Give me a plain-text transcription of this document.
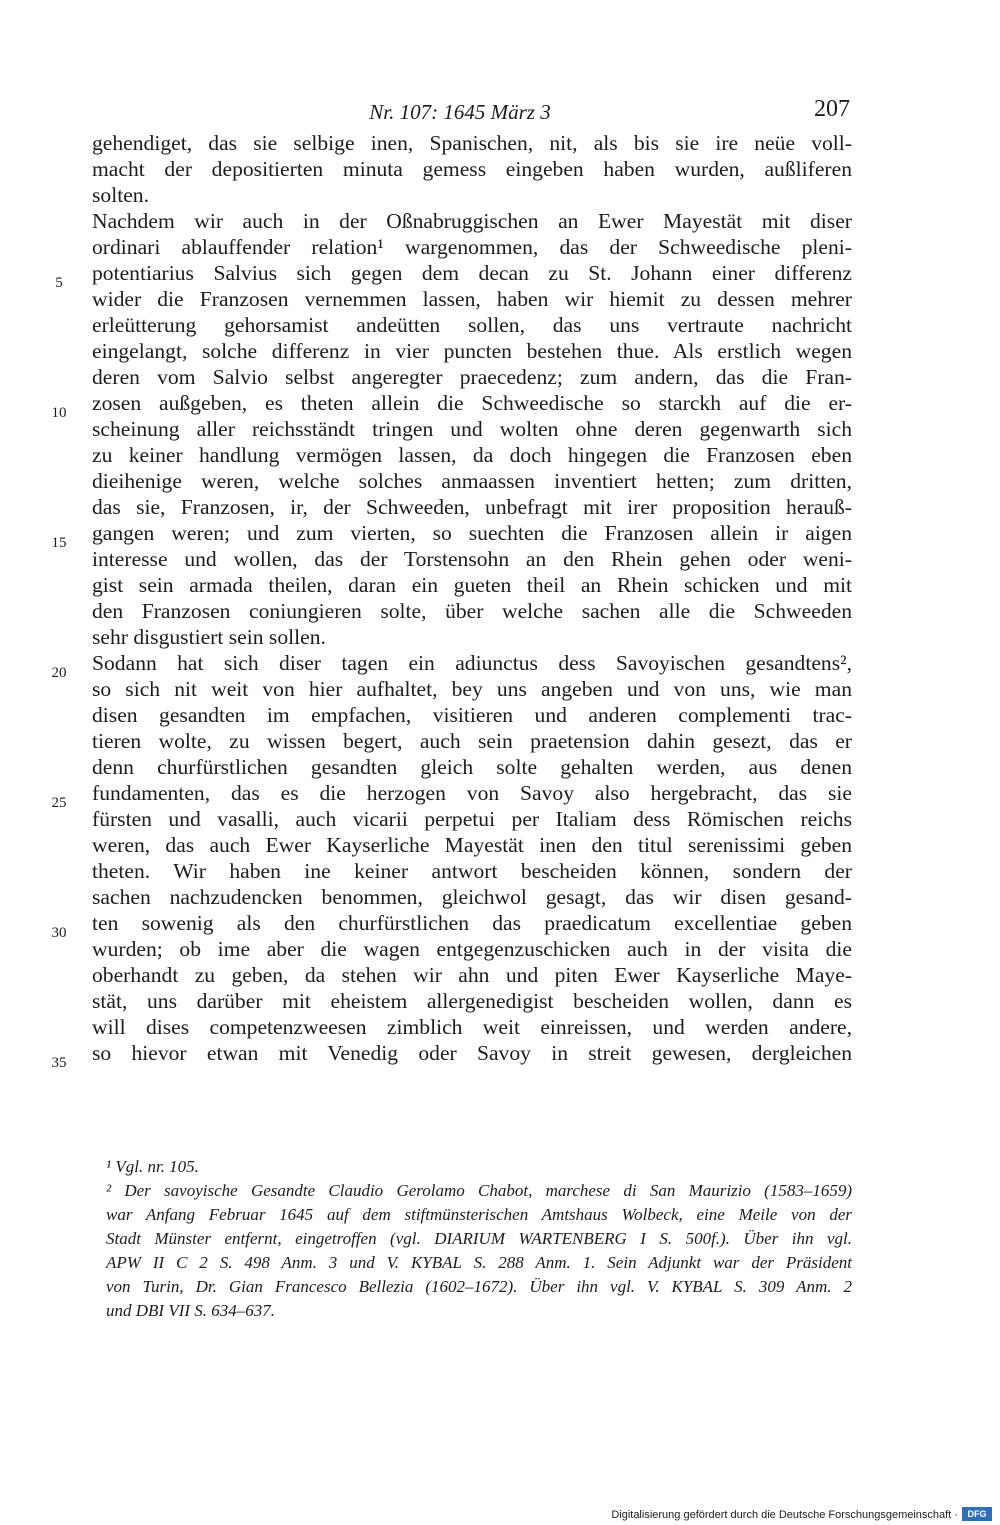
Nr. 107: 1645 März 3	207
gehendiget, das sie selbige inen, Spanischen, nit, als bis sie ire neüe voll-
macht der depositierten minuta gemess eingeben haben wurden, außliferen
solten.
Nachdem wir auch in der Oßnabruggischen an Ewer Mayestät mit diser
ordinari ablauffender relation¹ wargenommen, das der Schweedische pleni-
potentiarius Salvius sich gegen dem decan zu St. Johann einer differenz
wider die Franzosen vernemmen lassen, haben wir hiemit zu dessen mehrer
erleütterung gehorsamist andeütten sollen, das uns vertraute nachricht
eingelangt, solche differenz in vier puncten bestehen thue. Als erstlich wegen
deren vom Salvio selbst angeregter praecedenz; zum andern, das die Fran-
zosen außgeben, es theten allein die Schweedische so starckh auf die er-
scheinung aller reichsständt tringen und wolten ohne deren gegenwarth sich
zu keiner handlung vermögen lassen, da doch hingegen die Franzosen eben
dieihenige weren, welche solches anmaassen inventiert hetten; zum dritten,
das sie, Franzosen, ir, der Schweeden, unbefragt mit irer proposition herauß-
gangen weren; und zum vierten, so suechten die Franzosen allein ir aigen
interesse und wollen, das der Torstensohn an den Rhein gehen oder weni-
gist sein armada theilen, daran ein gueten theil an Rhein schicken und mit
den Franzosen coniungieren solte, über welche sachen alle die Schweeden
sehr disgustiert sein sollen.
Sodann hat sich diser tagen ein adiunctus dess Savoyischen gesandtens²,
so sich nit weit von hier aufhaltet, bey uns angeben und von uns, wie man
disen gesandten im empfachen, visitieren und anderen complementi trac-
tieren wolte, zu wissen begert, auch sein praetension dahin gesezt, das er
denn churfürstlichen gesandten gleich solte gehalten werden, aus denen
fundamenten, das es die herzogen von Savoy also hergebracht, das sie
fürsten und vasalli, auch vicarii perpetui per Italiam dess Römischen reichs
weren, das auch Ewer Kayserliche Mayestät inen den titul serenissimi geben
theten. Wir haben ine keiner antwort bescheiden können, sondern der
sachen nachzudencken benommen, gleichwol gesagt, das wir disen gesand-
ten sowenig als den churfürstlichen das praedicatum excellentiae geben
wurden; ob ime aber die wagen entgegenzuschicken auch in der visita die
oberhandt zu geben, da stehen wir ahn und piten Ewer Kayserliche Maye-
stät, uns darüber mit eheistem allergenedigist bescheiden wollen, dann es
will dises competenzweesen zimblich weit einreissen, und werden andere,
so hievor etwan mit Venedig oder Savoy in streit gewesen, dergleichen
5
10
15
20
25
30
35
¹ Vgl. nr. 105.
² Der savoyische Gesandte Claudio Gerolamo Chabot, marchese di San Maurizio (1583–1659)
war Anfang Februar 1645 auf dem stiftmünsterischen Amtshaus Wolbeck, eine Meile von der
Stadt Münster entfernt, eingetroffen (vgl. DIARIUM WARTENBERG I S. 500f.). Über ihn vgl.
APW II C 2 S. 498 Anm. 3 und V. KYBAL S. 288 Anm. 1. Sein Adjunkt war der Präsident
von Turin, Dr. Gian Francesco Bellezia (1602–1672). Über ihn vgl. V. KYBAL S. 309 Anm. 2
und DBI VII S. 634–637.
Digitalisierung gefördert durch die Deutsche Forschungsgemeinschaft ·	DFG
